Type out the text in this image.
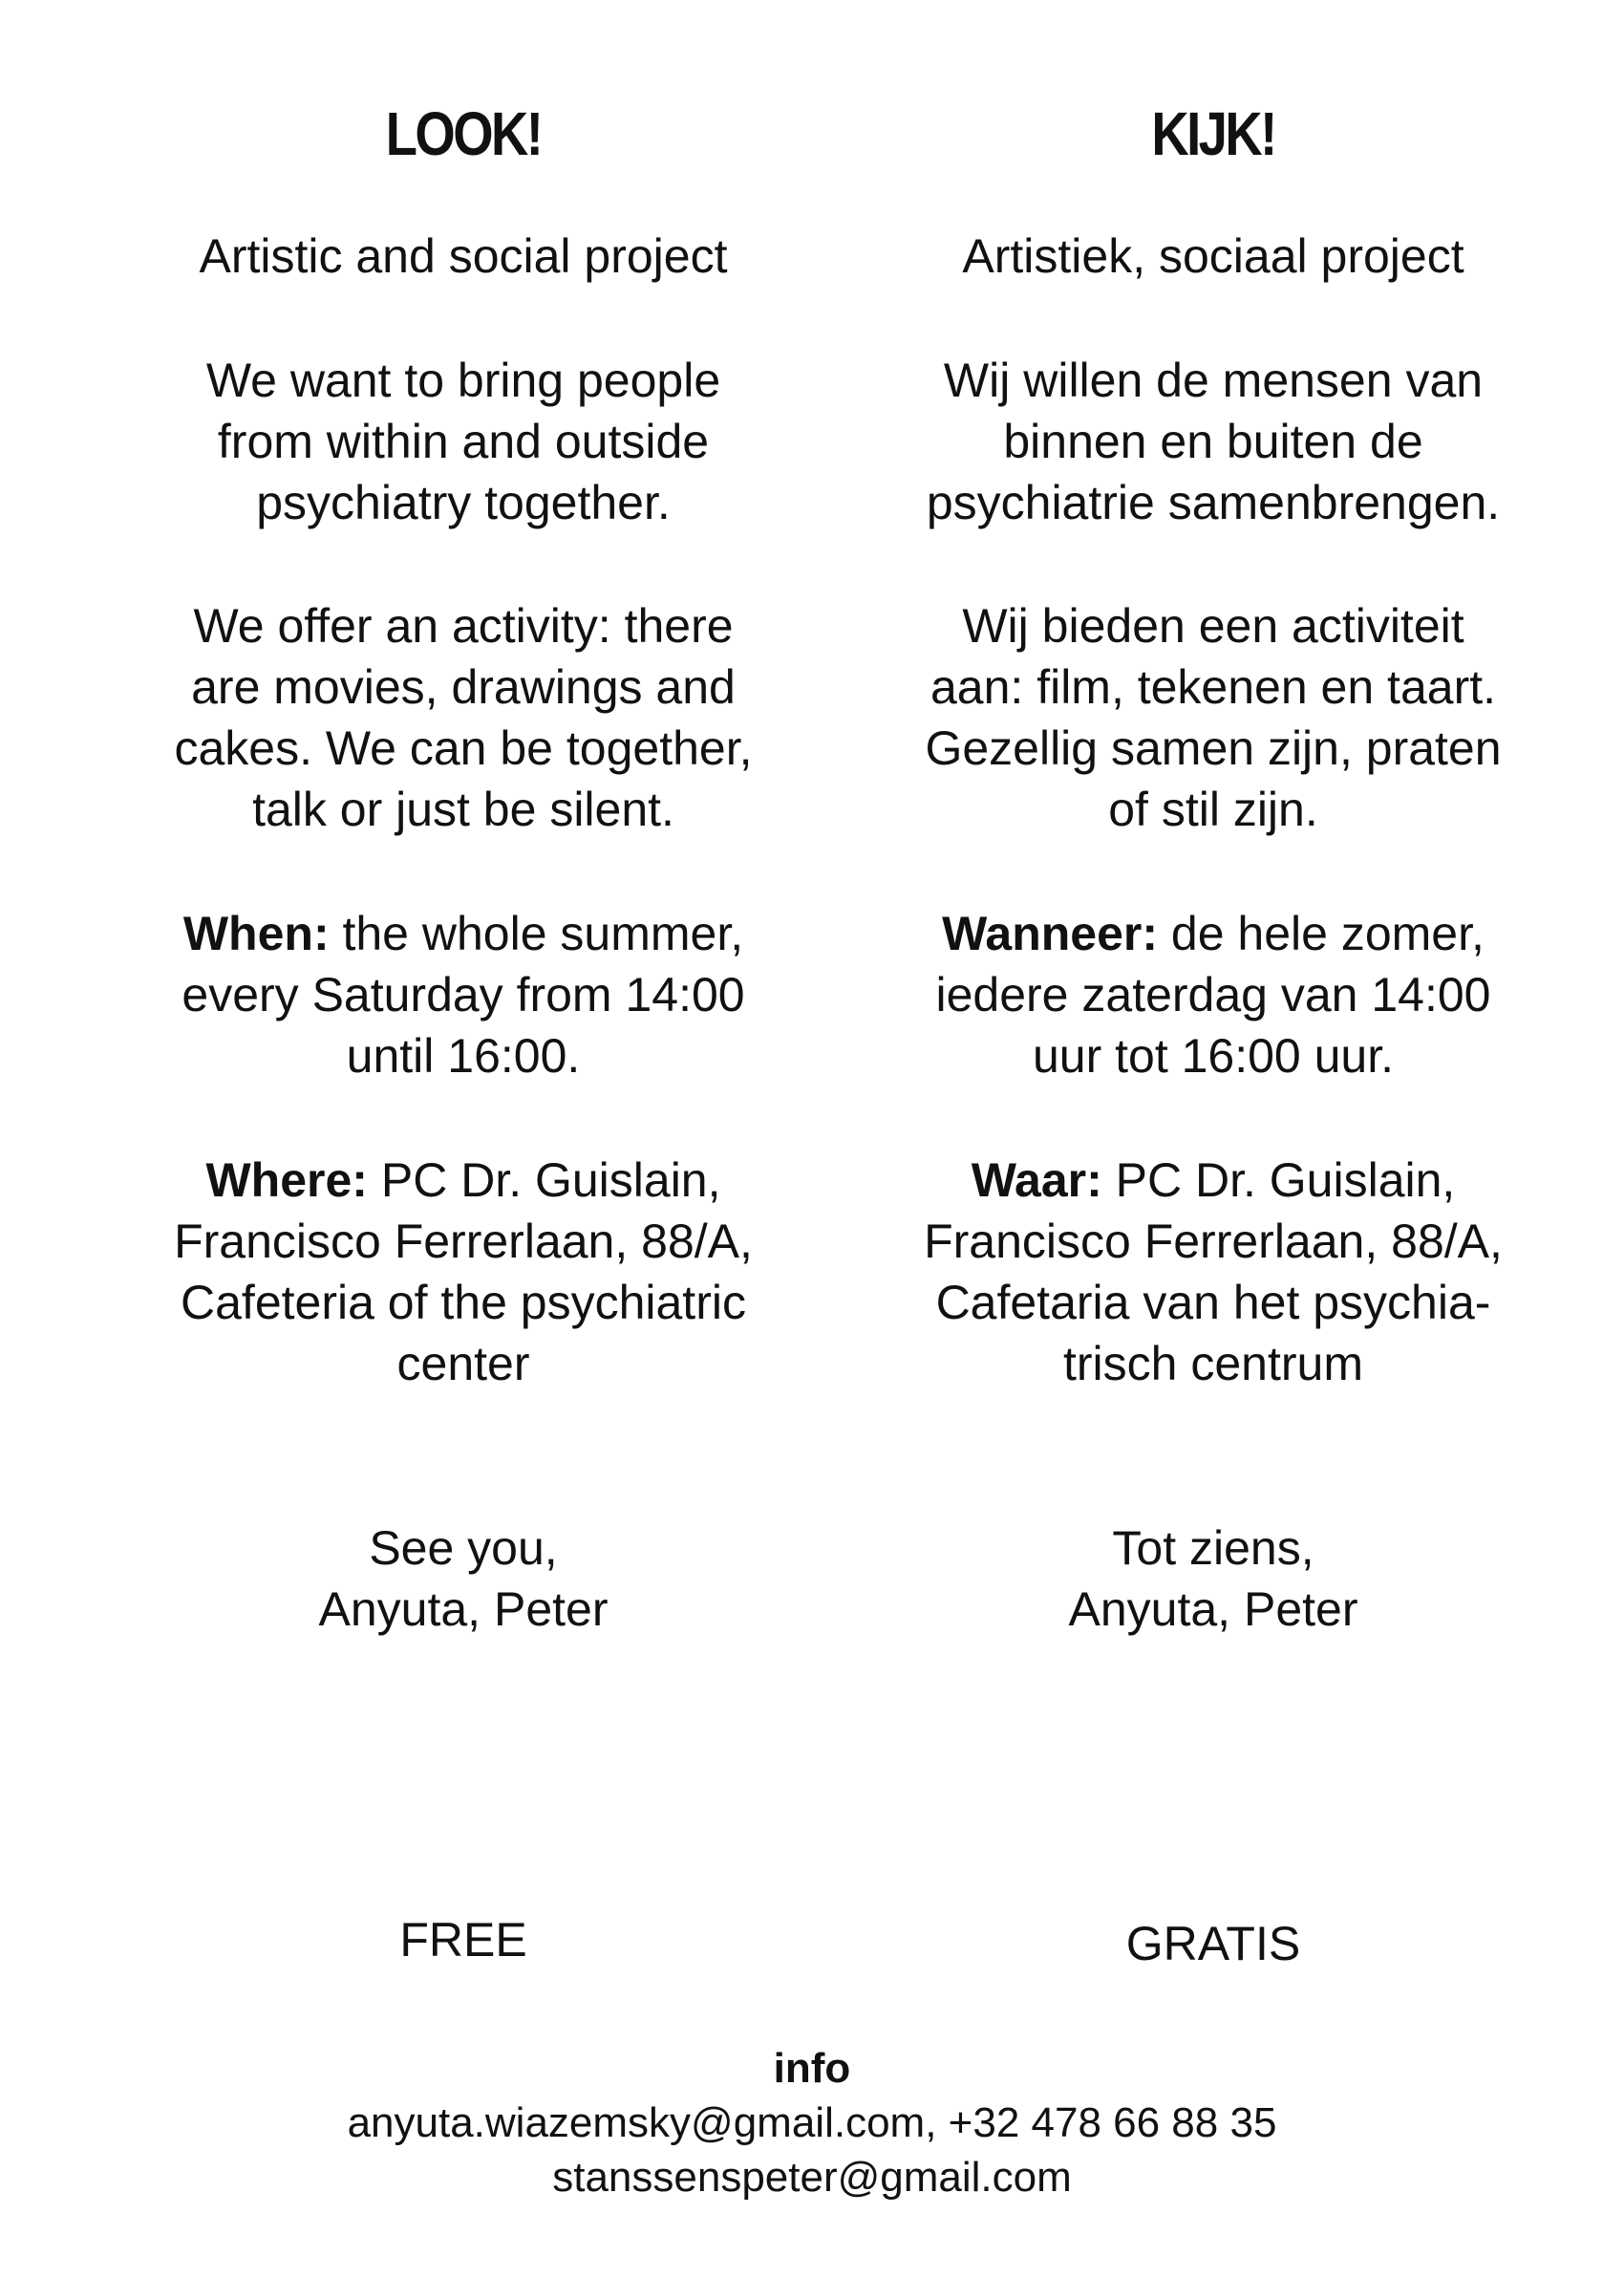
LOOK!

Artistic and social project

We want to bring people
from within and outside
psychiatry together.

We offer an activity: there
are movies, drawings and
cakes. We can be together,
talk or just be silent.

When: the whole summer,
every Saturday from 14:00
until 16:00.

Where: PC Dr. Guislain,
Francisco Ferrerlaan, 88/A,
Cafeteria of the psychiatric
center

See you,
Anyuta, Peter

FREE

KIJK!

Artistiek, sociaal project

Wij willen de mensen van
binnen en buiten de
psychiatrie samenbrengen.

Wij bieden een activiteit
aan: film, tekenen en taart.
Gezellig samen zijn, praten
of stil zijn.

Wanneer: de hele zomer,
iedere zaterdag van 14:00
uur tot 16:00 uur.

Waar: PC Dr. Guislain,
Francisco Ferrerlaan, 88/A,
Cafetaria van het psychia-
trisch centrum

Tot ziens,
Anyuta, Peter

GRATIS

info
anyuta.wiazemsky@gmail.com, +32 478 66 88 35
stanssenspeter@gmail.com
